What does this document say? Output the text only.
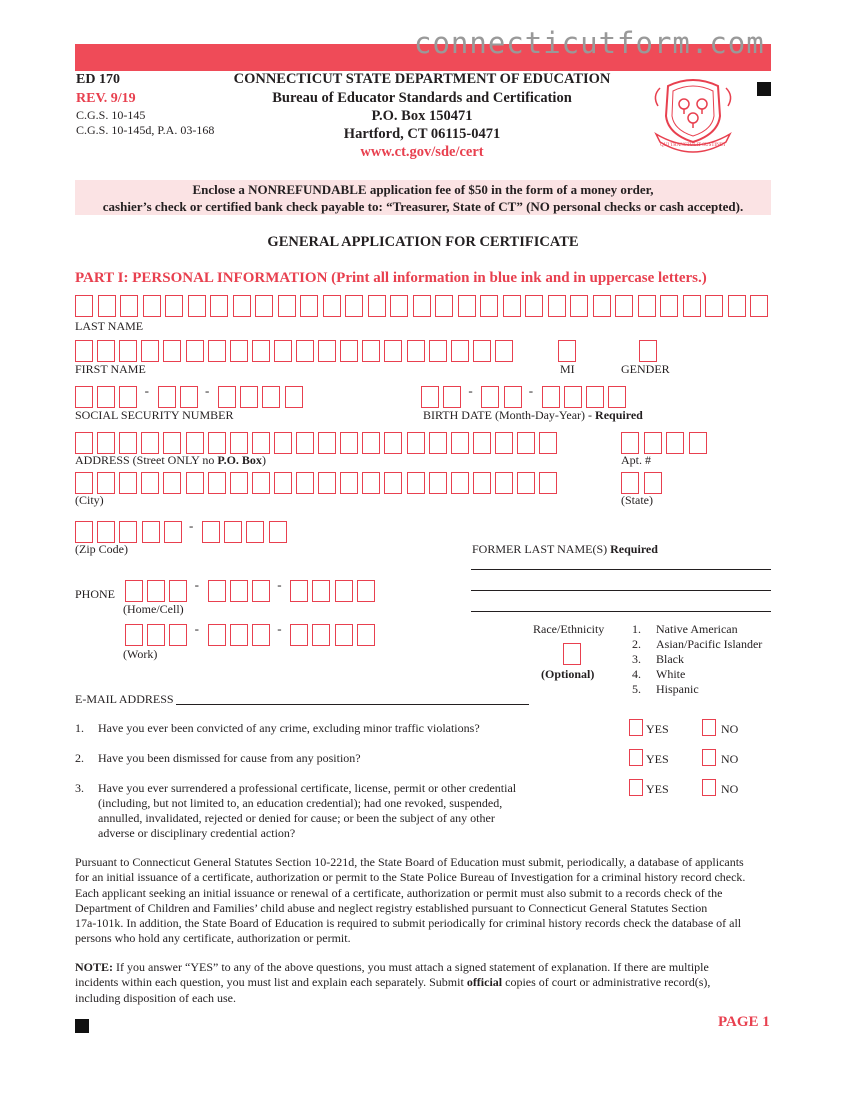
connecticutform.com
ED 170
REV. 9/19
C.G.S. 10-145
C.G.S. 10-145d, P.A. 03-168
CONNECTICUT STATE DEPARTMENT OF EDUCATION
Bureau of Educator Standards and Certification
P.O. Box 150471
Hartford, CT 06115-0471
www.ct.gov/sde/cert	QUI TRANSTULIT SUSTINET
Enclose a NONREFUNDABLE application fee of $50 in the form of a money order,
cashier’s check or certified bank check payable to: “Treasurer, State of CT” (NO personal checks or cash accepted).
GENERAL APPLICATION FOR CERTIFICATE
PART I: PERSONAL INFORMATION (Print all information in blue ink and in uppercase letters.)
LAST NAME
FIRST NAME	MI	GENDER
-	-	-	-
SOCIAL SECURITY NUMBER	BIRTH DATE (Month-Day-Year) - Required
ADDRESS (Street ONLY no P.O. Box)	Apt. #
(City)	(State)
-
(Zip Code)	FORMER LAST NAME(S) Required
PHONE
-	-
(Home/Cell)
-	-
(Work)
Race/Ethnicity
(Optional)
1. Native American
2. Asian/Pacific Islander
3. Black
4. White
5. Hispanic
E-MAIL ADDRESS
1. Have you ever been convicted of any crime, excluding minor traffic violations?	YES	NO
2. Have you been dismissed for cause from any position?	YES	NO
3. Have you ever surrendered a professional certificate, license, permit or other credential
(including, but not limited to, an education credential); had one revoked, suspended,
annulled, invalidated, rejected or denied for cause; or been the subject of any other
adverse or disciplinary credential action?
YES	NO
Pursuant to Connecticut General Statutes Section 10-221d, the State Board of Education must submit, periodically, a database of applicants
for an initial issuance of a certificate, authorization or permit to the State Police Bureau of Investigation for a criminal history record check.
Each applicant seeking an initial issuance or renewal of a certificate, authorization or permit must also submit to a records check of the
Department of Children and Families’ child abuse and neglect registry established pursuant to Connecticut General Statutes Section
17a-101k. In addition, the State Board of Education is required to submit periodically for criminal history records check the database of all
persons who hold any certificate, authorization or permit.
NOTE: If you answer “YES” to any of the above questions, you must attach a signed statement of explanation. If there are multiple
incidents within each question, you must list and explain each separately. Submit official copies of court or administrative record(s),
including disposition of each use.
PAGE 1
